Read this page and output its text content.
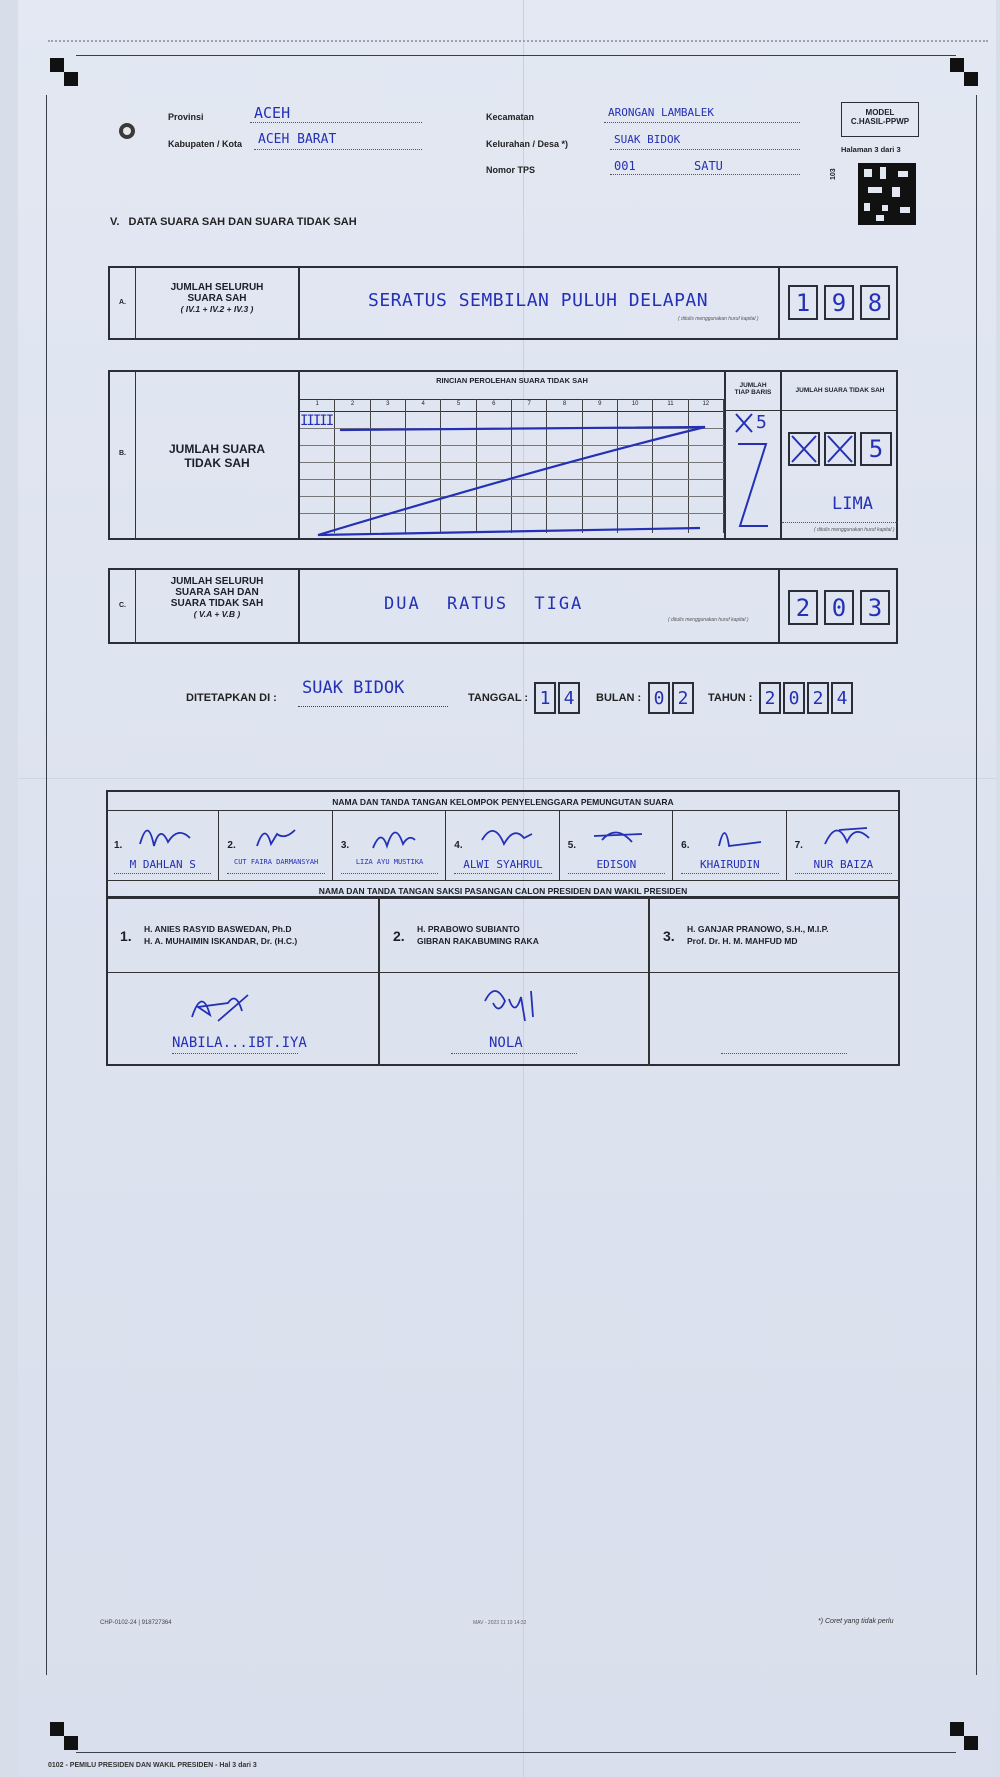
Provinsi	ACEH
Kabupaten / Kota ACEH BARAT
Kecamatan	ARONGAN LAMBALEK
Kelurahan / Desa *)	SUAK BIDOK
Nomor TPS	001	SATU
MODEL
C.HASIL-PPWP
Halaman 3 dari 3
103
V.   DATA SUARA SAH DAN SUARA TIDAK SAH
A.
JUMLAH SELURUH
SUARA SAH
( IV.1 + IV.2 + IV.3 )	SERATUS SEMBILAN PULUH DELAPAN
( ditulis menggunakan huruf kapital )
1 9 8
B.	JUMLAH SUARA
TIDAK SAH
RINCIAN PEROLEHAN SUARA TIDAK SAH
1	2	3	4	5	6	7	8	9	10	11	12
IIIII
JUMLAH
TIAP BARIS
5
JUMLAH SUARA TIDAK SAH
5
LIMA
( ditulis menggunakan huruf kapital )
C.
JUMLAH SELURUH
SUARA SAH DAN
SUARA TIDAK SAH
( V.A + V.B )	DUA RATUS TIGA
( ditulis menggunakan huruf kapital )	2 0 3
DITETAPKAN DI : SUAK BIDOK	TANGGAL : 1 4	BULAN : 0 2	TAHUN : 2 0 2 4
NAMA DAN TANDA TANGAN KELOMPOK PENYELENGGARA PEMUNGUTAN SUARA
1.
M DAHLAN S
2.
CUT FAIRA DARMANSYAH
3.
LIZA AYU MUSTIKA
4.
ALWI SYAHRUL
5.
EDISON
6.
KHAIRUDIN
7.
NUR BAIZA
NAMA DAN TANDA TANGAN SAKSI PASANGAN CALON PRESIDEN DAN WAKIL PRESIDEN
1. H. ANIES RASYID BASWEDAN, Ph.D
H. A. MUHAIMIN ISKANDAR, Dr. (H.C.)
NABILA...IBT.IYA
2. H. PRABOWO SUBIANTO
GIBRAN RAKABUMING RAKA
NOLA
3. H. GANJAR PRANOWO, S.H., M.I.P.
Prof. Dr. H. M. MAHFUD MD
CHP-0102-24 | 918727364	MAV - 2023 11 19 14:32	*) Coret yang tidak perlu
0102 - PEMILU PRESIDEN DAN WAKIL PRESIDEN - Hal 3 dari 3
